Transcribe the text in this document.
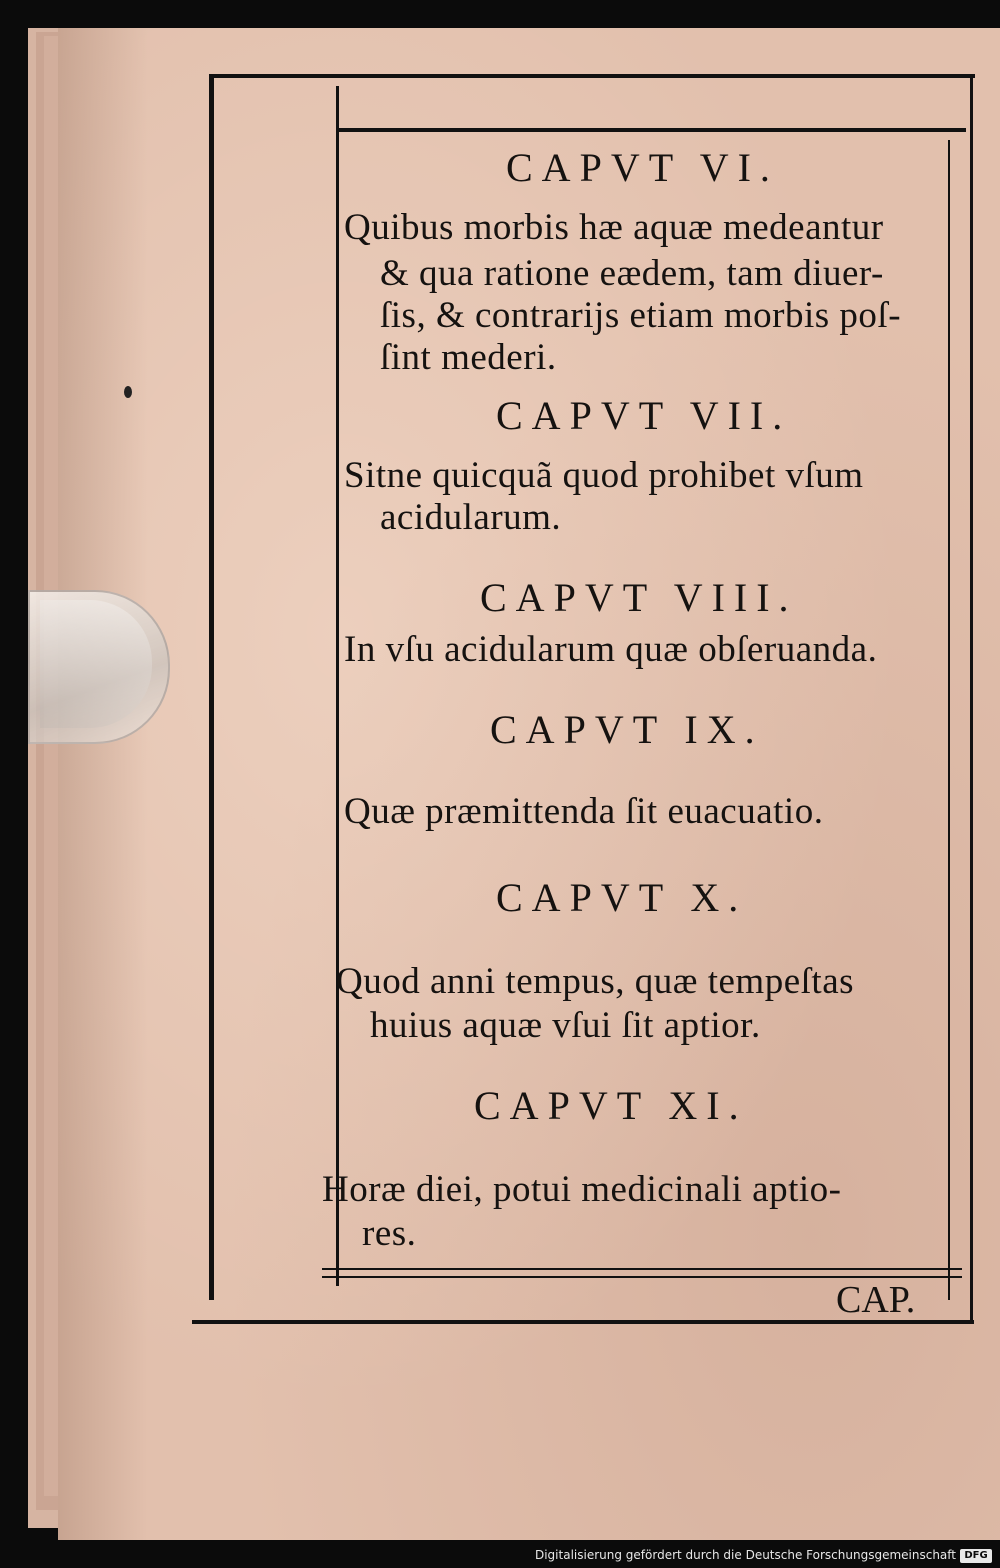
CAPVT VI.
Quibus morbis hæ aquæ medeantur
& qua ratione eædem, tam diuer-
ſis, & contrarijs etiam morbis poſ-
ſint mederi.
CAPVT VII.
Sitne quicquã quod prohibet vſum
acidularum.
CAPVT VIII.
In vſu acidularum quæ obſeruanda.
CAPVT IX.
Quæ præmittenda ſit euacuatio.
CAPVT X.
Quod anni tempus, quæ tempeſtas
huius aquæ vſui ſit aptior.
CAPVT XI.
Horæ diei, potui medicinali aptio-
res.
CAP.
Digitalisierung gefördert durch die Deutsche Forschungsgemeinschaft DFG
